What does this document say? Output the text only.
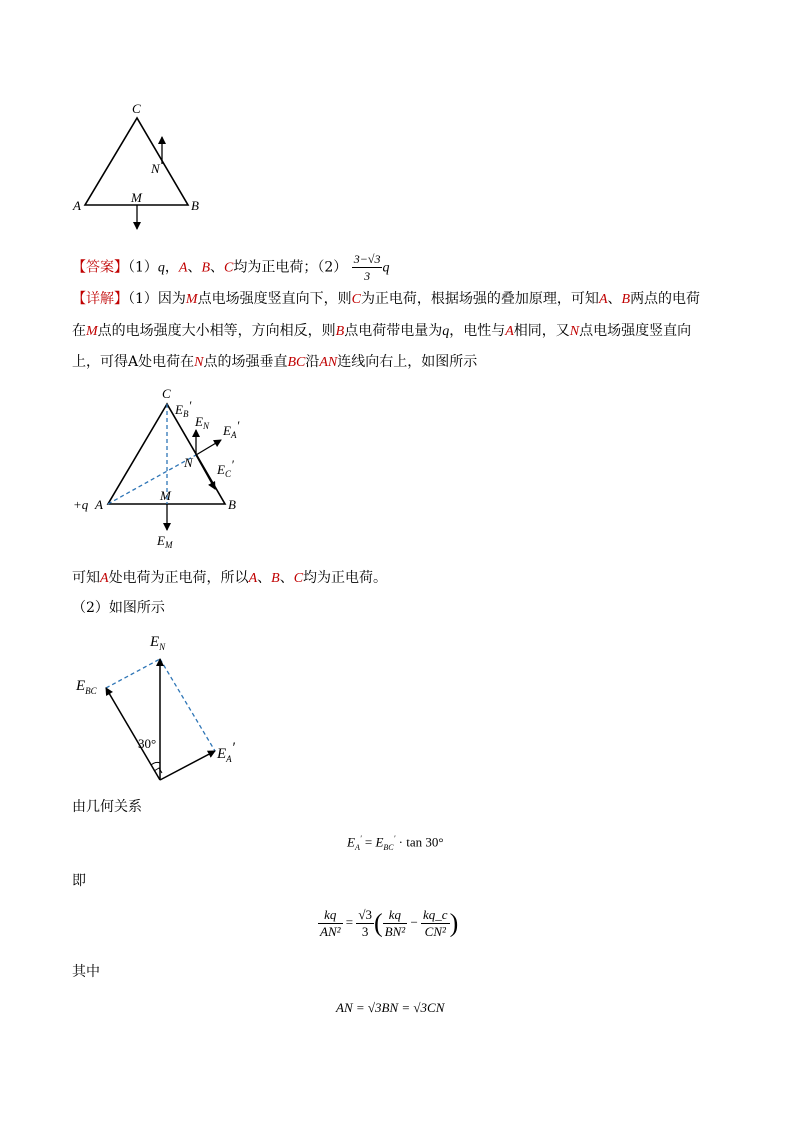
C
A	B
M
N
【答案】（1）q，A、B、C均为正电荷；$(2) \frac{3-√3}{3}$ q
【详解】（1）因为M点电场强度竖直向下，则C为正电荷，根据场强的叠加原理，可知A、B两点的电荷
在M点的电场强度大小相等，方向相反，则B点电荷带电量为q，电性与A相同，又N点电场强度竖直向
上，可得A处电荷在N点的场强垂直BC沿AN连线向右上，如图所示
C
A
+q	B
M
N
$E_B'$
$E_N$ $E_A'$
$E_C'$
$E_M$
可知A处电荷为正电荷，所以A、B、C均为正电荷。
（2）如图所示
$E_N$
$E_{BC}$
$E_A'$
30°
由几何关系
$E_A' = E_{BC}' \cdot \tan 30^\circ$
即
$\frac{kq}{\text{AN²}} = \frac{√3}{3}$ ( $\frac{kq}{\text{BN²}} - \frac{kq\_c}{\text{CN²}}$ )
其中
AN = √3BN = √3CN
